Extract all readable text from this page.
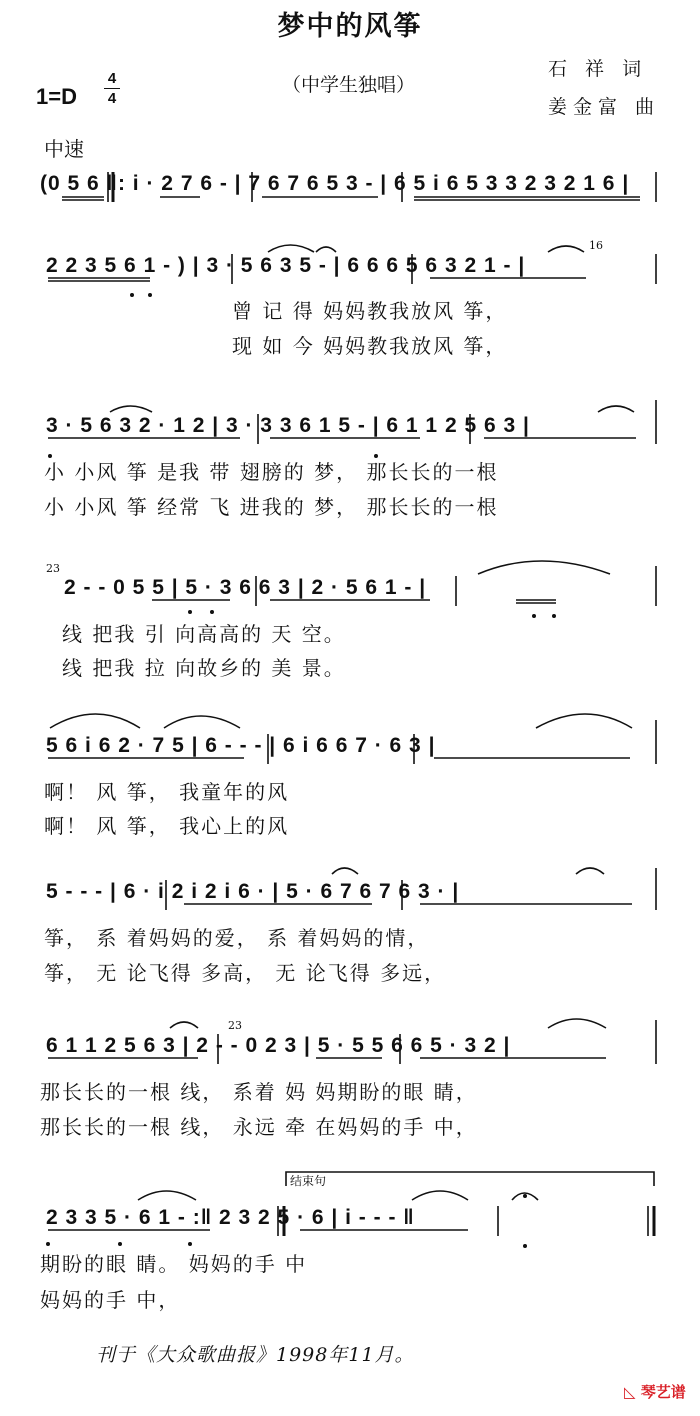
梦中的风筝
（中学生独唱）
石 祥 词
姜金富 曲
1=D
4
4
中速
(0 5 6 ‖: i · 2 7 6 - | 7 6 7 6 5 3 - | 6 5 i 6 5 3 3 2 3 2 1 6 |
2 2 3 5 6 1 - ) | 3 · 5 6 3 5 - | 6 6 6 5 6 3 2 1 - |
曾 记 得 妈妈教我放风 筝，
现 如 今 妈妈教我放风 筝，
16
3 · 5 6 3 2 · 1 2 | 3 · 3 3 6 1 5 - | 6 1 1 2 5 6 3 |
小 小风 筝 是我 带 翅膀的 梦， 那长长的一根
小 小风 筝 经常 飞 进我的 梦， 那长长的一根
2 - - 0 5 5 | 5 · 3 6 6 3 | 2 · 5 6 1 - |
线 把我 引 向高高的 天 空。
线 把我 拉 向故乡的 美 景。
23
5 6 i 6 2 · 7 5 | 6 - - - | 6 i 6 6 7 · 6 3 |
啊！ 风 筝， 我童年的风
啊！ 风 筝， 我心上的风
5 - - - | 6 · i 2 i 2 i 6 · | 5 · 6 7 6 7 6 3 · |
筝， 系 着妈妈的爱， 系 着妈妈的情，
筝， 无 论飞得 多高， 无 论飞得 多远，
6 1 1 2 5 6 3 | 2 - - 0 2 3 | 5 · 5 5 6 6 5 · 3 2 |
那长长的一根 线， 系着 妈 妈期盼的眼 睛，
那长长的一根 线， 永远 牵 在妈妈的手 中，
23
结束句
2 3 3 5 · 6 1 - :‖ 2 3 2 5 · 6 | i - - - ‖
期盼的眼 睛。 妈妈的手 中
妈妈的手 中，
刊于《大众歌曲报》1998年11月。
◺ 琴艺谱
